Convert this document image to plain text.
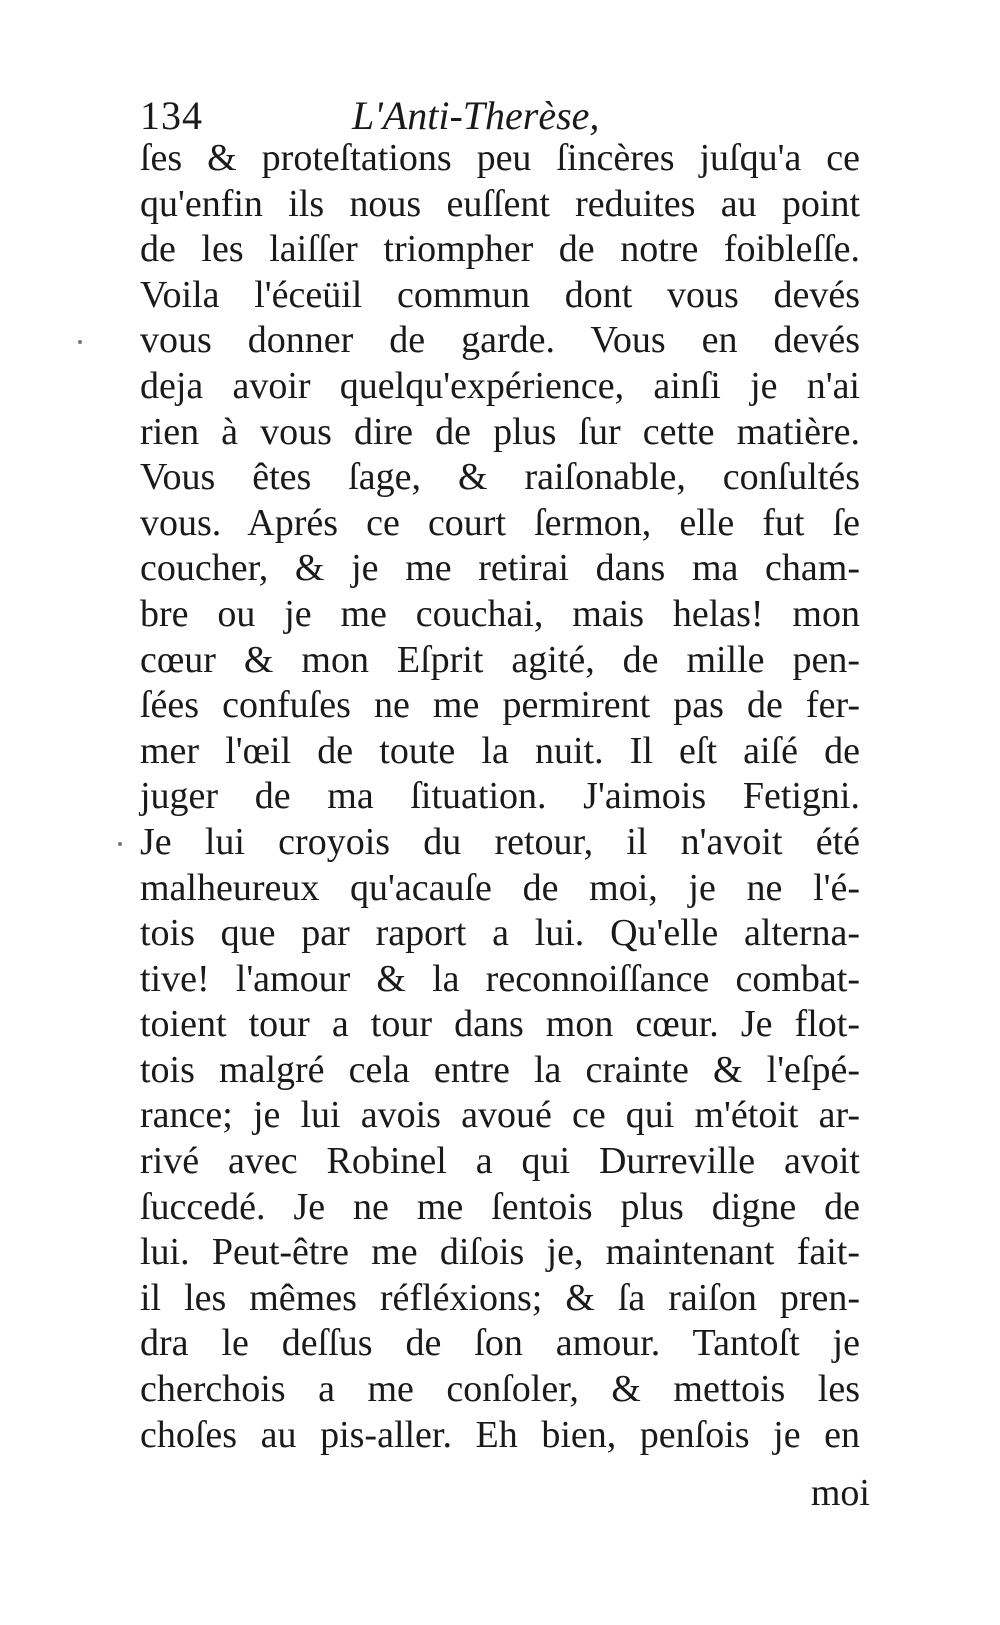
134	L'Anti-Therèse,
ſes & proteſtations peu ſincères juſqu'a ce
qu'enfin ils nous euſſent reduites au point
de les laiſſer triompher de notre foibleſſe.
Voila l'éceüil commun dont vous devés
vous donner de garde. Vous en devés
deja avoir quelqu'expérience, ainſi je n'ai
rien à vous dire de plus ſur cette matière.
Vous êtes ſage, & raiſonable, conſultés
vous. Aprés ce court ſermon, elle fut ſe
coucher, & je me retirai dans ma cham-
bre ou je me couchai, mais helas! mon
cœur & mon Eſprit agité, de mille pen-
ſées confuſes ne me permirent pas de fer-
mer l'œil de toute la nuit. Il eſt aiſé de
juger de ma ſituation. J'aimois Fetigni.
Je lui croyois du retour, il n'avoit été
malheureux qu'acauſe de moi, je ne l'é-
tois que par raport a lui. Qu'elle alterna-
tive! l'amour & la reconnoiſſance combat-
toient tour a tour dans mon cœur. Je flot-
tois malgré cela entre la crainte & l'eſpé-
rance; je lui avois avoué ce qui m'étoit ar-
rivé avec Robinel a qui Durreville avoit
ſuccedé. Je ne me ſentois plus digne de
lui. Peut-être me diſois je, maintenant fait-
il les mêmes réfléxions; & ſa raiſon pren-
dra le deſſus de ſon amour. Tantoſt je
cherchois a me conſoler, & mettois les
choſes au pis-aller. Eh bien, penſois je en
moi
